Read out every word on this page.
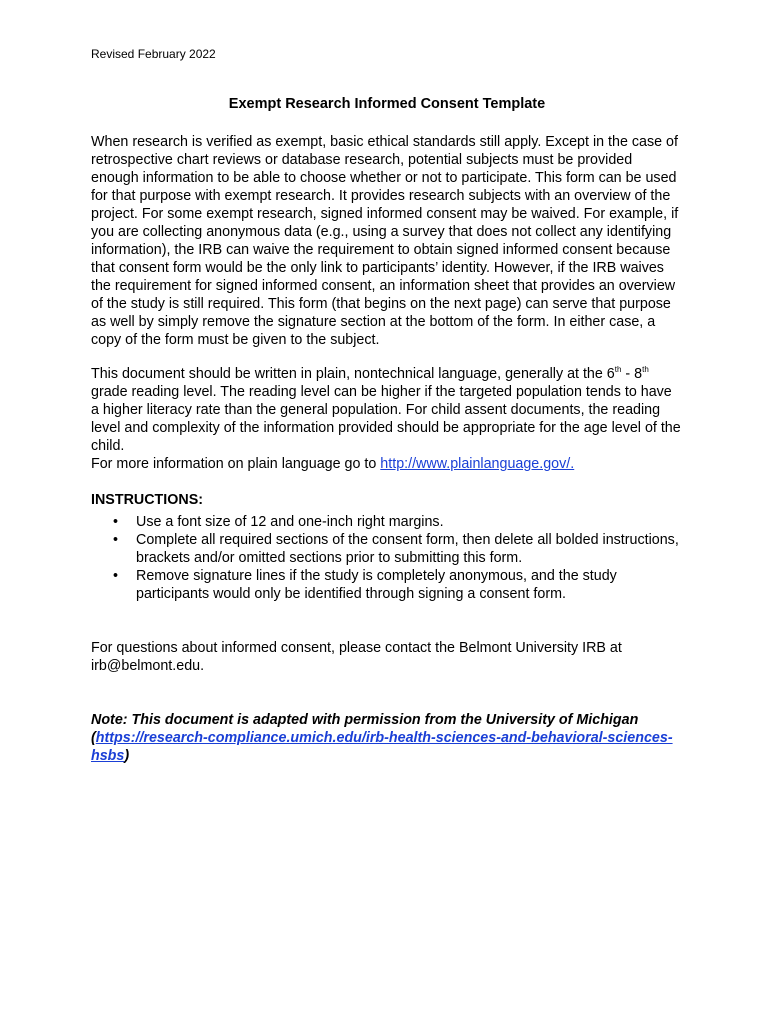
Revised February 2022

Exempt Research Informed Consent Template

When research is verified as exempt, basic ethical standards still apply. Except in the case of retrospective chart reviews or database research, potential subjects must be provided enough information to be able to choose whether or not to participate. This form can be used for that purpose with exempt research. It provides research subjects with an overview of the project. For some exempt research, signed informed consent may be waived. For example, if you are collecting anonymous data (e.g., using a survey that does not collect any identifying information), the IRB can waive the requirement to obtain signed informed consent because that consent form would be the only link to participants’ identity. However, if the IRB waives the requirement for signed informed consent, an information sheet that provides an overview of the study is still required. This form (that begins on the next page) can serve that purpose as well by simply remove the signature section at the bottom of the form. In either case, a copy of the form must be given to the subject.

This document should be written in plain, nontechnical language, generally at the 6th - 8th grade reading level. The reading level can be higher if the targeted population tends to have a higher literacy rate than the general population. For child assent documents, the reading level and complexity of the information provided should be appropriate for the age level of the child.
For more information on plain language go to http://www.plainlanguage.gov/.

INSTRUCTIONS:

• Use a font size of 12 and one-inch right margins.
• Complete all required sections of the consent form, then delete all bolded instructions, brackets and/or omitted sections prior to submitting this form.
• Remove signature lines if the study is completely anonymous, and the study participants would only be identified through signing a consent form.

For questions about informed consent, please contact the Belmont University IRB at irb@belmont.edu.

Note: This document is adapted with permission from the University of Michigan (https://research-compliance.umich.edu/irb-health-sciences-and-behavioral-sciences-hsbs)
